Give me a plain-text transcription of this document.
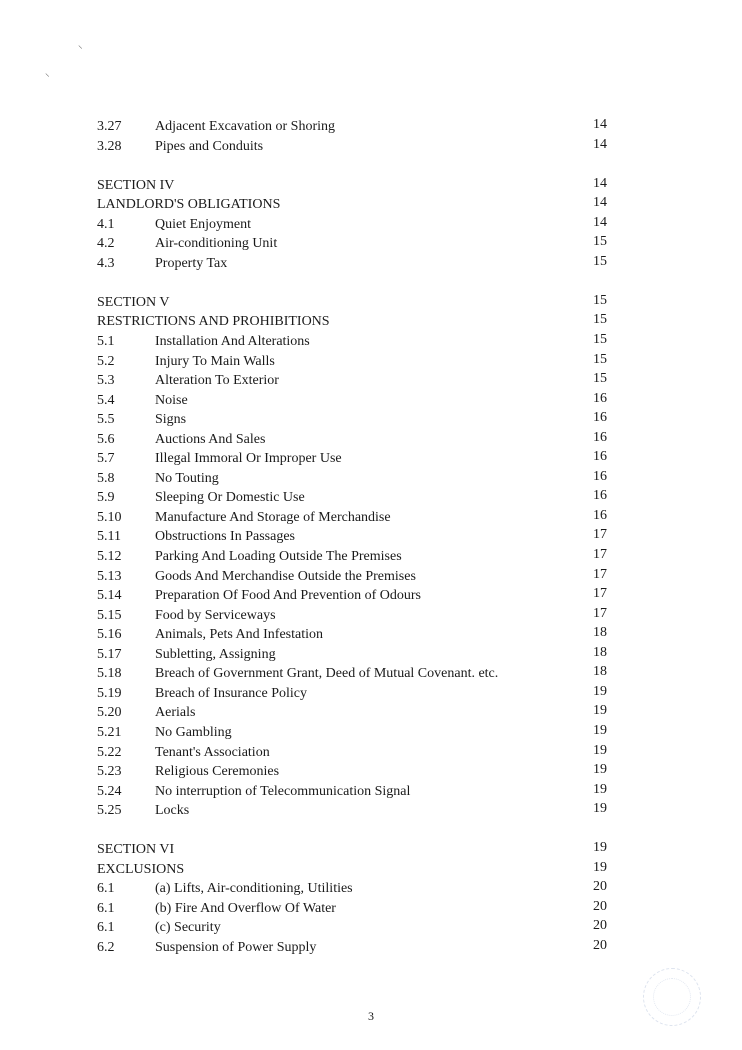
⸜
⸜
3.27 Adjacent Excavation or Shoring	14
3.28 Pipes and Conduits	14
SECTION IV	14
LANDLORD'S OBLIGATIONS	14
4.1	Quiet Enjoyment	14
4.2	Air-conditioning Unit	15
4.3	Property Tax	15
SECTION V	15
RESTRICTIONS AND PROHIBITIONS	15
5.1	Installation And Alterations	15
5.2	Injury To Main Walls	15
5.3	Alteration To Exterior	15
5.4	Noise	16
5.5	Signs	16
5.6	Auctions And Sales	16
5.7	Illegal Immoral Or Improper Use	16
5.8	No Touting	16
5.9	Sleeping Or Domestic Use	16
5.10 Manufacture And Storage of Merchandise	16
5.11 Obstructions In Passages	17
5.12 Parking And Loading Outside The Premises	17
5.13 Goods And Merchandise Outside the Premises	17
5.14 Preparation Of Food And Prevention of Odours	17
5.15 Food by Serviceways	17
5.16 Animals, Pets And Infestation	18
5.17 Subletting, Assigning	18
5.18 Breach of Government Grant, Deed of Mutual Covenant. etc.	18
5.19 Breach of Insurance Policy	19
5.20 Aerials	19
5.21 No Gambling	19
5.22 Tenant's Association	19
5.23 Religious Ceremonies	19
5.24 No interruption of Telecommunication Signal	19
5.25 Locks	19
SECTION VI	19
EXCLUSIONS	19
6.1	(a) Lifts, Air-conditioning, Utilities	20
6.1	(b) Fire And Overflow Of Water	20
6.1	(c) Security	20
6.2	Suspension of Power Supply	20
3
